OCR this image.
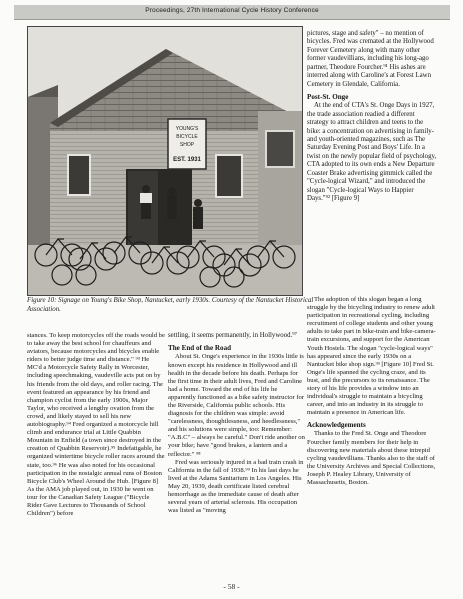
Proceedings, 27th International Cycle History Conference
YOUNG'S
BICYCLE
SHOP
EST. 1931
Figure 10: Signage on Young's Bike Shop, Nantucket, early 1930s. Courtesy of the Nantucket Historical Association.

pictures, stage and safety" – no mention of bicycles. Fred was cremated at the Hollywood Forever Cemetery along with many other former vaudevillians, including his long-ago partner, Theodore Fourcher.⁹¹ His ashes are interred along with Caroline's at Forest Lawn Cemetery in Glendale, California.

Post-St. Onge

At the end of CTA's St. Onge Days in 1927, the trade association readied a different strategy to attract children and teens to the bike: a concentration on advertising in family- and youth-oriented magazines, such as The Saturday Evening Post and Boys' Life. In a twist on the newly popular field of psychology, CTA adopted to its own ends a New Departure Coaster Brake advertising gimmick called the "Cycle-logical Wizard," and introduced the slogan "Cycle-logical Ways to Happier Days."⁹² [Figure 9]

stances. To keep motorcycles off the roads would be to take away the best school for chauffeurs and aviators, because motorcycles and bicycles enable riders to better judge time and distance." ⁹³ He MC'd a Motorcycle Safety Rally in Worcester, including speechmaking, vaudeville acts put on by his friends from the old days, and roller racing. The event featured an appearance by his friend and champion cyclist from the early 1900s, Major Taylor, who received a lengthy ovation from the crowd, and likely stayed to sell his new autobiography.⁹⁴ Fred organized a motorcycle hill climb and endurance trial at Little Quabbin Mountain in Enfield (a town since destroyed in the creation of Quabbin Reservoir).⁹⁵ Indefatigable, he organized wintertime bicycle roller races around the state, too.⁹⁶ He was also noted for his occasional participation in the nostalgic annual runs of Boston Bicycle Club's Wheel Around the Hub. [Figure 8] As the AMA job played out, in 1930 he went on tour for the Canadian Safety League ("Bicycle Rider Gave Lectures to Thousands of School Children") before

settling, it seems permanently, in Hollywood.⁹⁷

The End of the Road

About St. Onge's experience in the 1930s little is known except his residence in Hollywood and ill health in the decade before his death. Perhaps for the first time in their adult lives, Fred and Caroline had a home. Toward the end of his life he apparently functioned as a bike safety instructor for the Riverside, California public schools. His diagnosis for the children was simple: avoid "carelessness, thoughtlessness, and heedlessness," and his solutions were simple, too: Remember: "A.B.C" – always be careful." Don't ride another on your bike; have "good brakes, a lantern and a reflector." ⁹⁸

Fred was seriously injured in a bad train crash in California in the fall of 1938.⁹⁹ In his last days he lived at the Adams Sanitarium in Los Angeles. His May 20, 1939, death certificate listed cerebral hemorrhage as the immediate cause of death after several years of arterial sclerosis. His occupation was listed as "moving

The adoption of this slogan began a long struggle by the bicycling industry to renew adult participation in recreational cycling, including recruitment of college students and other young adults to take part in bike-train and bike-camera-train excursions, and support for the American Youth Hostels. The slogan "cycle-logical ways" has appeared since the early 1930s on a Nantucket bike shop sign.⁹³ [Figure 10] Fred St. Onge's life spanned the cycling craze, and its bust, and the precursors to its renaissance. The story of his life provides a window into an individual's struggle to maintain a bicycling career, and into an industry in its struggle to maintain a presence in American life.

Acknowledgements

Thanks to the Fred St. Onge and Theodore Fourcher family members for their help in discovering new materials about these intrepid cycling vaudevillians. Thanks also to the staff of the University Archives and Special Collections, Joseph P. Healey Library, University of Massachusetts, Boston.

- 58 -
